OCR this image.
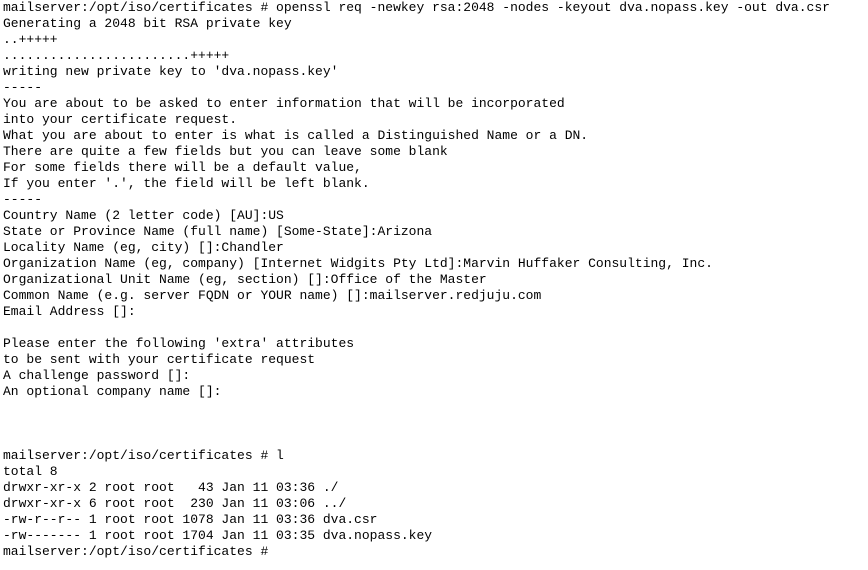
mailserver:/opt/iso/certificates # openssl req -newkey rsa:2048 -nodes -keyout dva.nopass.key -out dva.csr
Generating a 2048 bit RSA private key
..+++++
........................+++++
writing new private key to 'dva.nopass.key'
-----
You are about to be asked to enter information that will be incorporated
into your certificate request.
What you are about to enter is what is called a Distinguished Name or a DN.
There are quite a few fields but you can leave some blank
For some fields there will be a default value,
If you enter '.', the field will be left blank.
-----
Country Name (2 letter code) [AU]:US
State or Province Name (full name) [Some-State]:Arizona
Locality Name (eg, city) []:Chandler
Organization Name (eg, company) [Internet Widgits Pty Ltd]:Marvin Huffaker Consulting, Inc.
Organizational Unit Name (eg, section) []:Office of the Master
Common Name (e.g. server FQDN or YOUR name) []:mailserver.redjuju.com
Email Address []:
Please enter the following 'extra' attributes
to be sent with your certificate request
A challenge password []:
An optional company name []:
mailserver:/opt/iso/certificates # l
total 8
drwxr-xr-x 2 root root   43 Jan 11 03:36 ./
drwxr-xr-x 6 root root  230 Jan 11 03:06 ../
-rw-r--r-- 1 root root 1078 Jan 11 03:36 dva.csr
-rw------- 1 root root 1704 Jan 11 03:35 dva.nopass.key
mailserver:/opt/iso/certificates #
